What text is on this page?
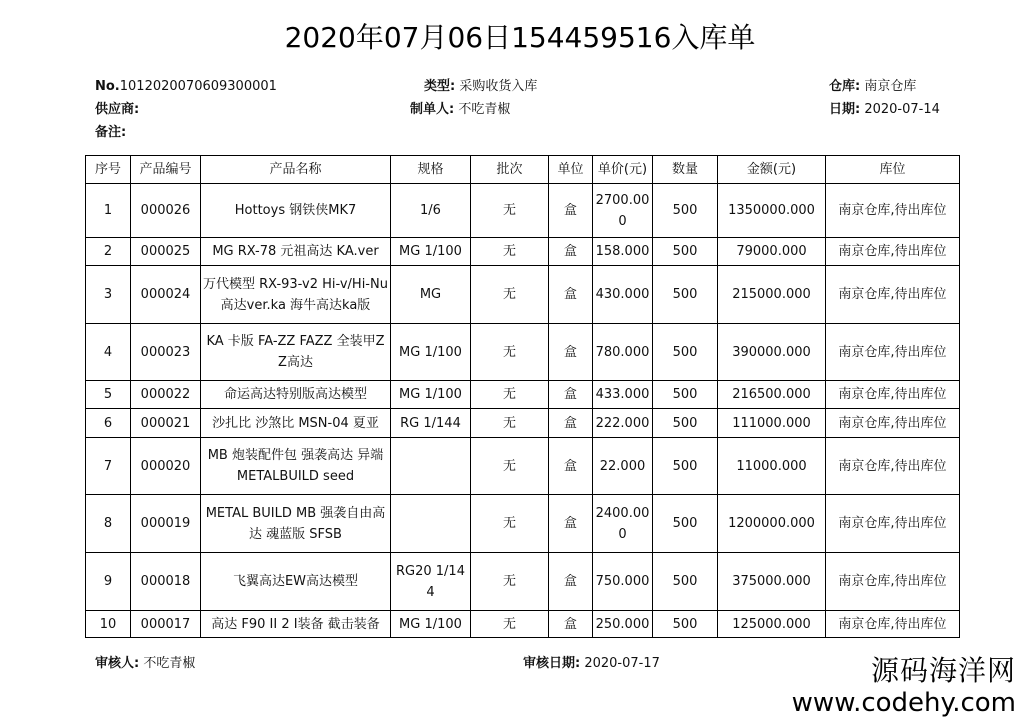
2020年07月06日154459516入库单
No.1012020070609300001	类型: 采购收货入库	仓库: 南京仓库
供应商:	制单人: 不吃青椒	日期: 2020-07-14
备注:
序号	产品编号	产品名称	规格	批次	单位	单价(元)	数量	金额(元)	库位
1	000026	Hottoys 钢铁侠MK7	1/6	无	盒	2700.000	500	1350000.000	南京仓库,待出库位
2	000025	MG RX-78 元祖高达 KA.ver	MG 1/100	无	盒	158.000	500	79000.000	南京仓库,待出库位
3	000024	万代模型 RX-93-v2 Hi-v/Hi-Nu高达ver.ka 海牛高达ka版	MG	无	盒	430.000	500	215000.000	南京仓库,待出库位
4	000023	KA 卡版 FA-ZZ FAZZ 全装甲ZZ高达	MG 1/100	无	盒	780.000	500	390000.000	南京仓库,待出库位
5	000022	命运高达特别版高达模型	MG 1/100	无	盒	433.000	500	216500.000	南京仓库,待出库位
6	000021	沙扎比 沙煞比 MSN-04 夏亚	RG 1/144	无	盒	222.000	500	111000.000	南京仓库,待出库位
7	000020	MB 炮装配件包 强袭高达 异端 METALBUILD seed		无	盒	22.000	500	11000.000	南京仓库,待出库位
8	000019	METAL BUILD MB 强袭自由高达 魂蓝版 SFSB		无	盒	2400.000	500	1200000.000	南京仓库,待出库位
9	000018	飞翼高达EW高达模型	RG20 1/144	无	盒	750.000	500	375000.000	南京仓库,待出库位
10	000017	高达 F90 II 2 I装备 截击装备	MG 1/100	无	盒	250.000	500	125000.000	南京仓库,待出库位
审核人: 不吃青椒	审核日期: 2020-07-17	源码海洋网
www.codehy.com
